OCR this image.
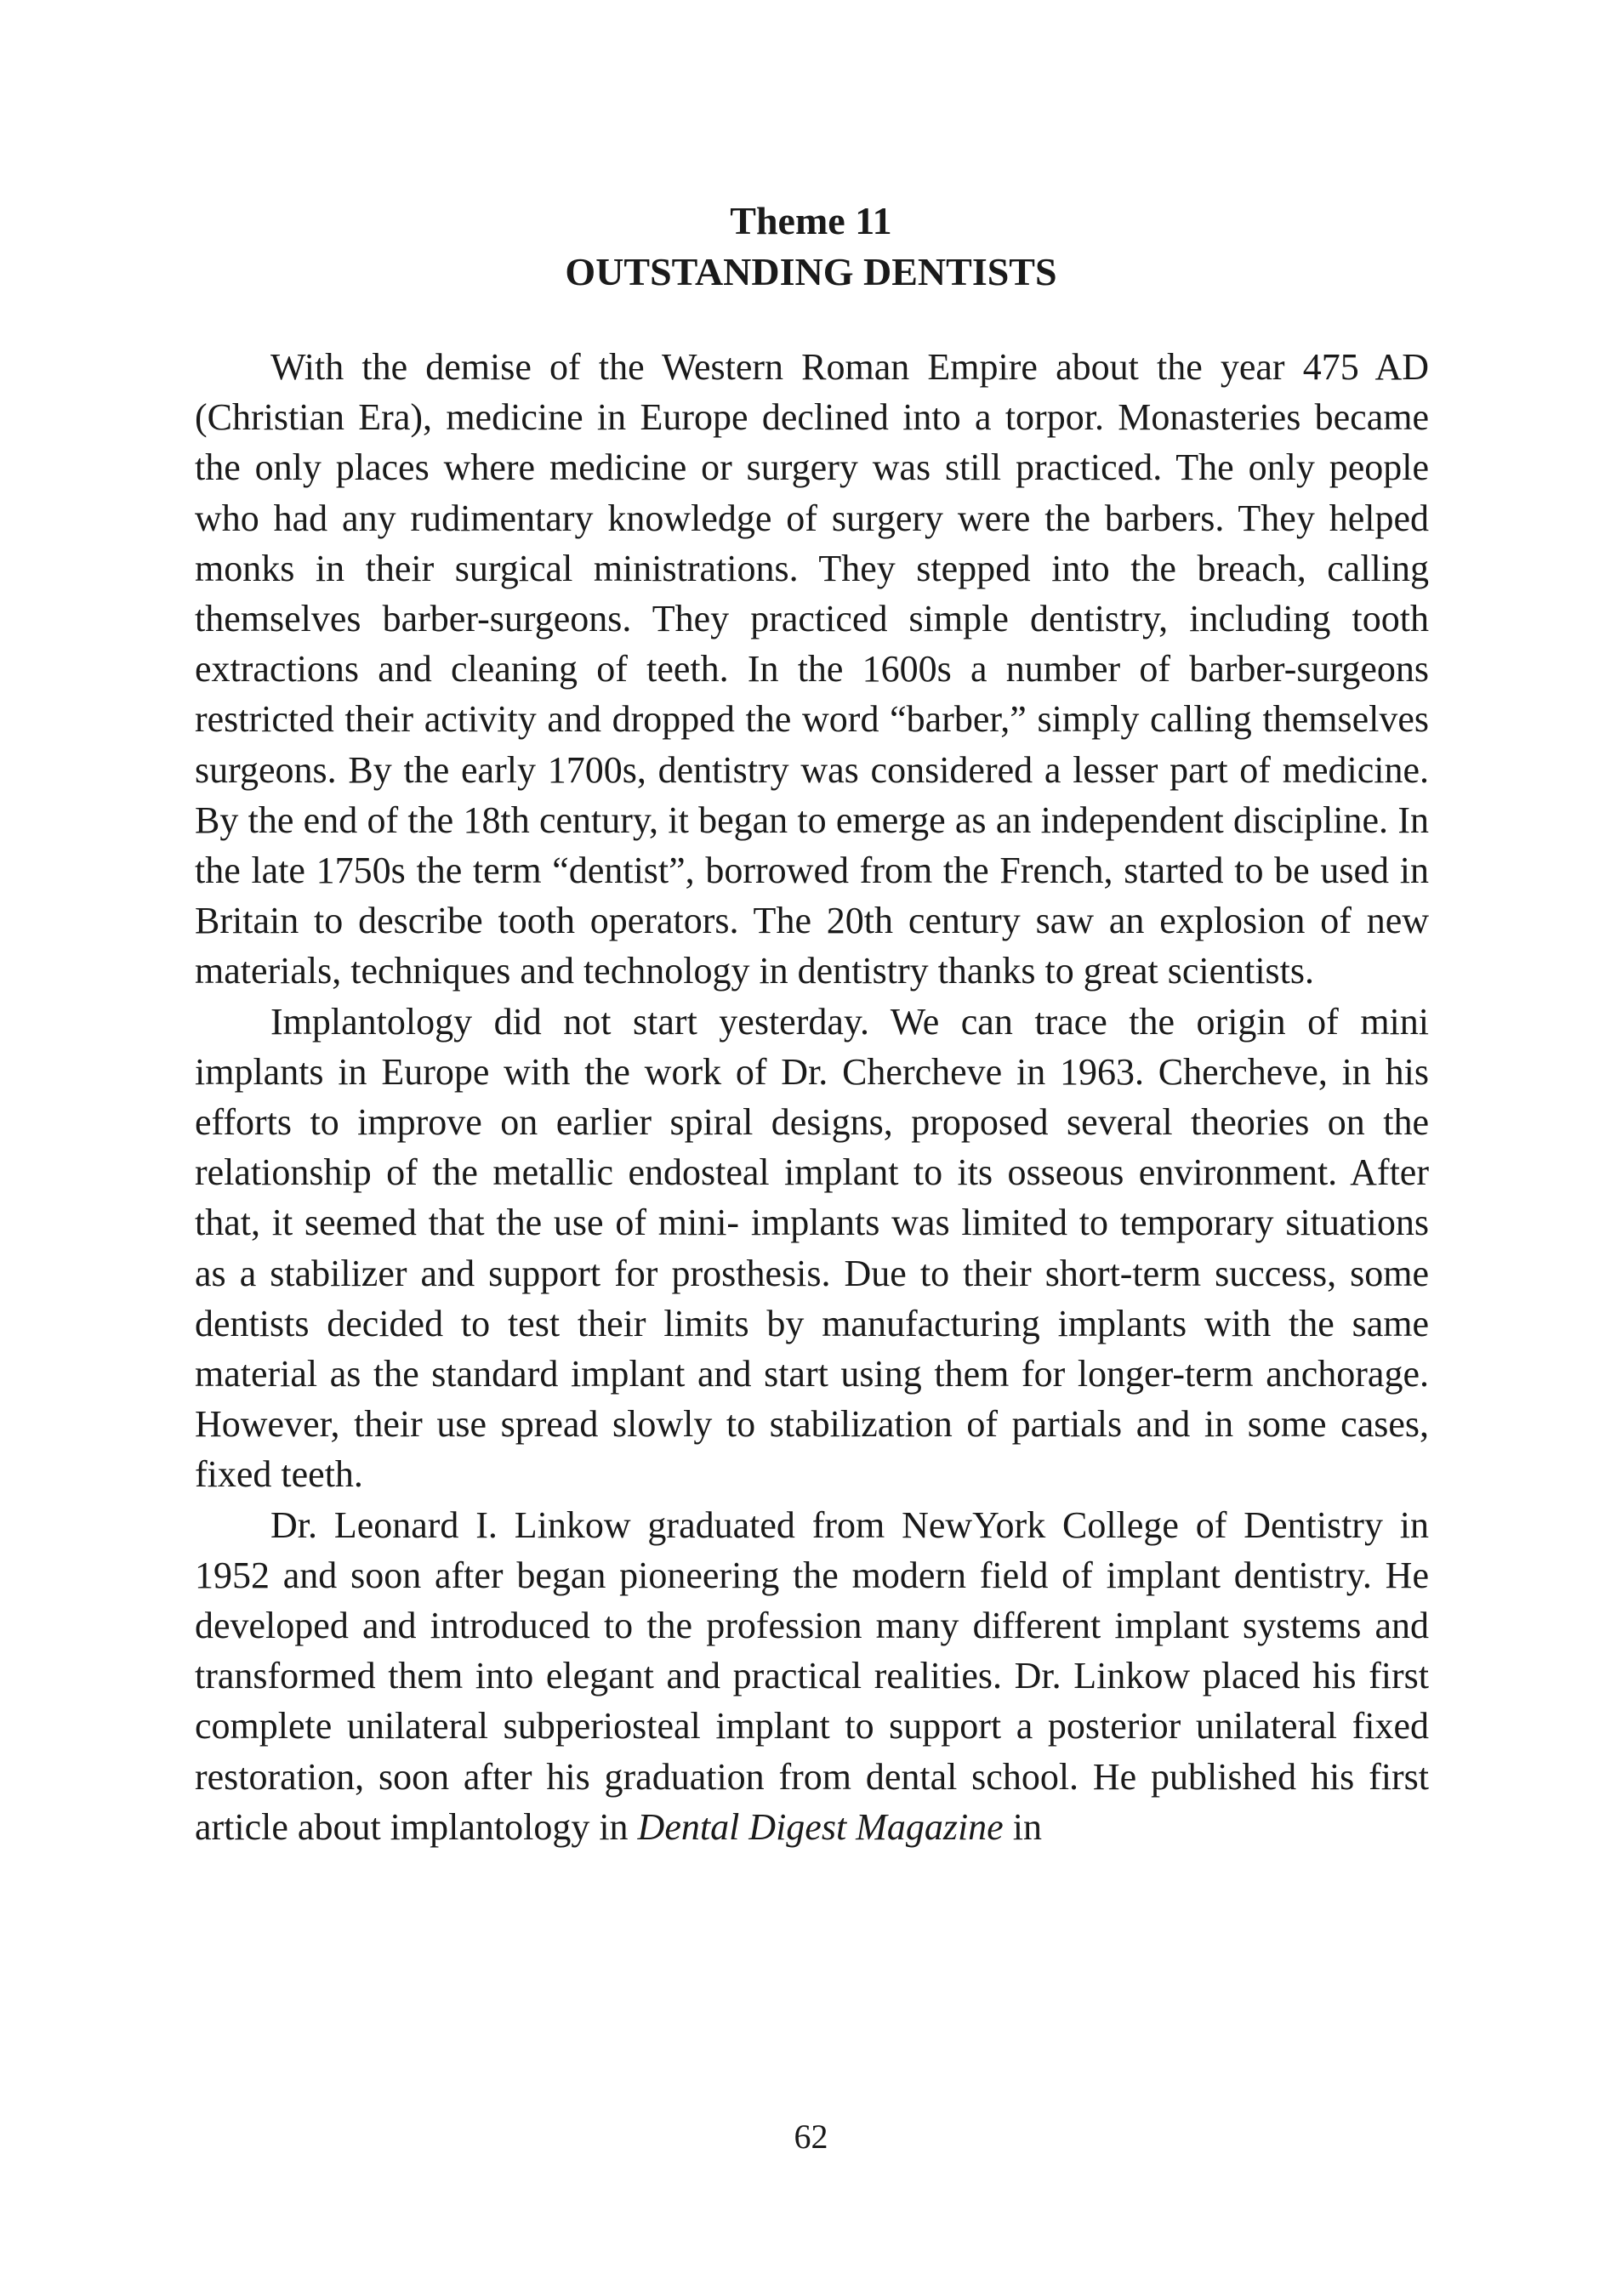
Theme 11
OUTSTANDING DENTISTS

With the demise of the Western Roman Empire about the year 475 AD (Christian Era), medicine in Europe declined into a torpor. Monasteries became the only places where medicine or surgery was still practiced. The only people who had any rudimentary knowledge of surgery were the barbers. They helped monks in their surgical ministrations. They stepped into the breach, calling themselves barber-surgeons. They practiced simple dentistry, including tooth extractions and cleaning of teeth. In the 1600s a number of barber-surgeons restricted their activity and dropped the word “barber,” simply calling themselves surgeons. By the early 1700s, dentistry was considered a lesser part of medicine. By the end of the 18th century, it began to emerge as an independent discipline. In the late 1750s the term “dentist”, borrowed from the French, started to be used in Britain to describe tooth operators. The 20th century saw an explosion of new materials, techniques and technology in dentistry thanks to great scientists.

Implantology did not start yesterday. We can trace the origin of mini implants in Europe with the work of Dr. Chercheve in 1963. Chercheve, in his efforts to improve on earlier spiral designs, proposed several theories on the relationship of the metallic endosteal implant to its osseous environment. After that, it seemed that the use of mini- implants was limited to temporary situations as a stabilizer and support for prosthesis. Due to their short-term success, some dentists decided to test their limits by manufacturing implants with the same material as the standard implant and start using them for longer-term anchorage. However, their use spread slowly to stabilization of partials and in some cases, fixed teeth.

Dr. Leonard I. Linkow graduated from NewYork College of Dentistry in 1952 and soon after began pioneering the modern field of implant dentistry. He developed and introduced to the profession many different implant systems and transformed them into elegant and practical realities. Dr. Linkow placed his first complete unilateral subperiosteal implant to support a posterior unilateral fixed restoration, soon after his graduation from dental school. He published his first article about implantology in Dental Digest Magazine in

62
